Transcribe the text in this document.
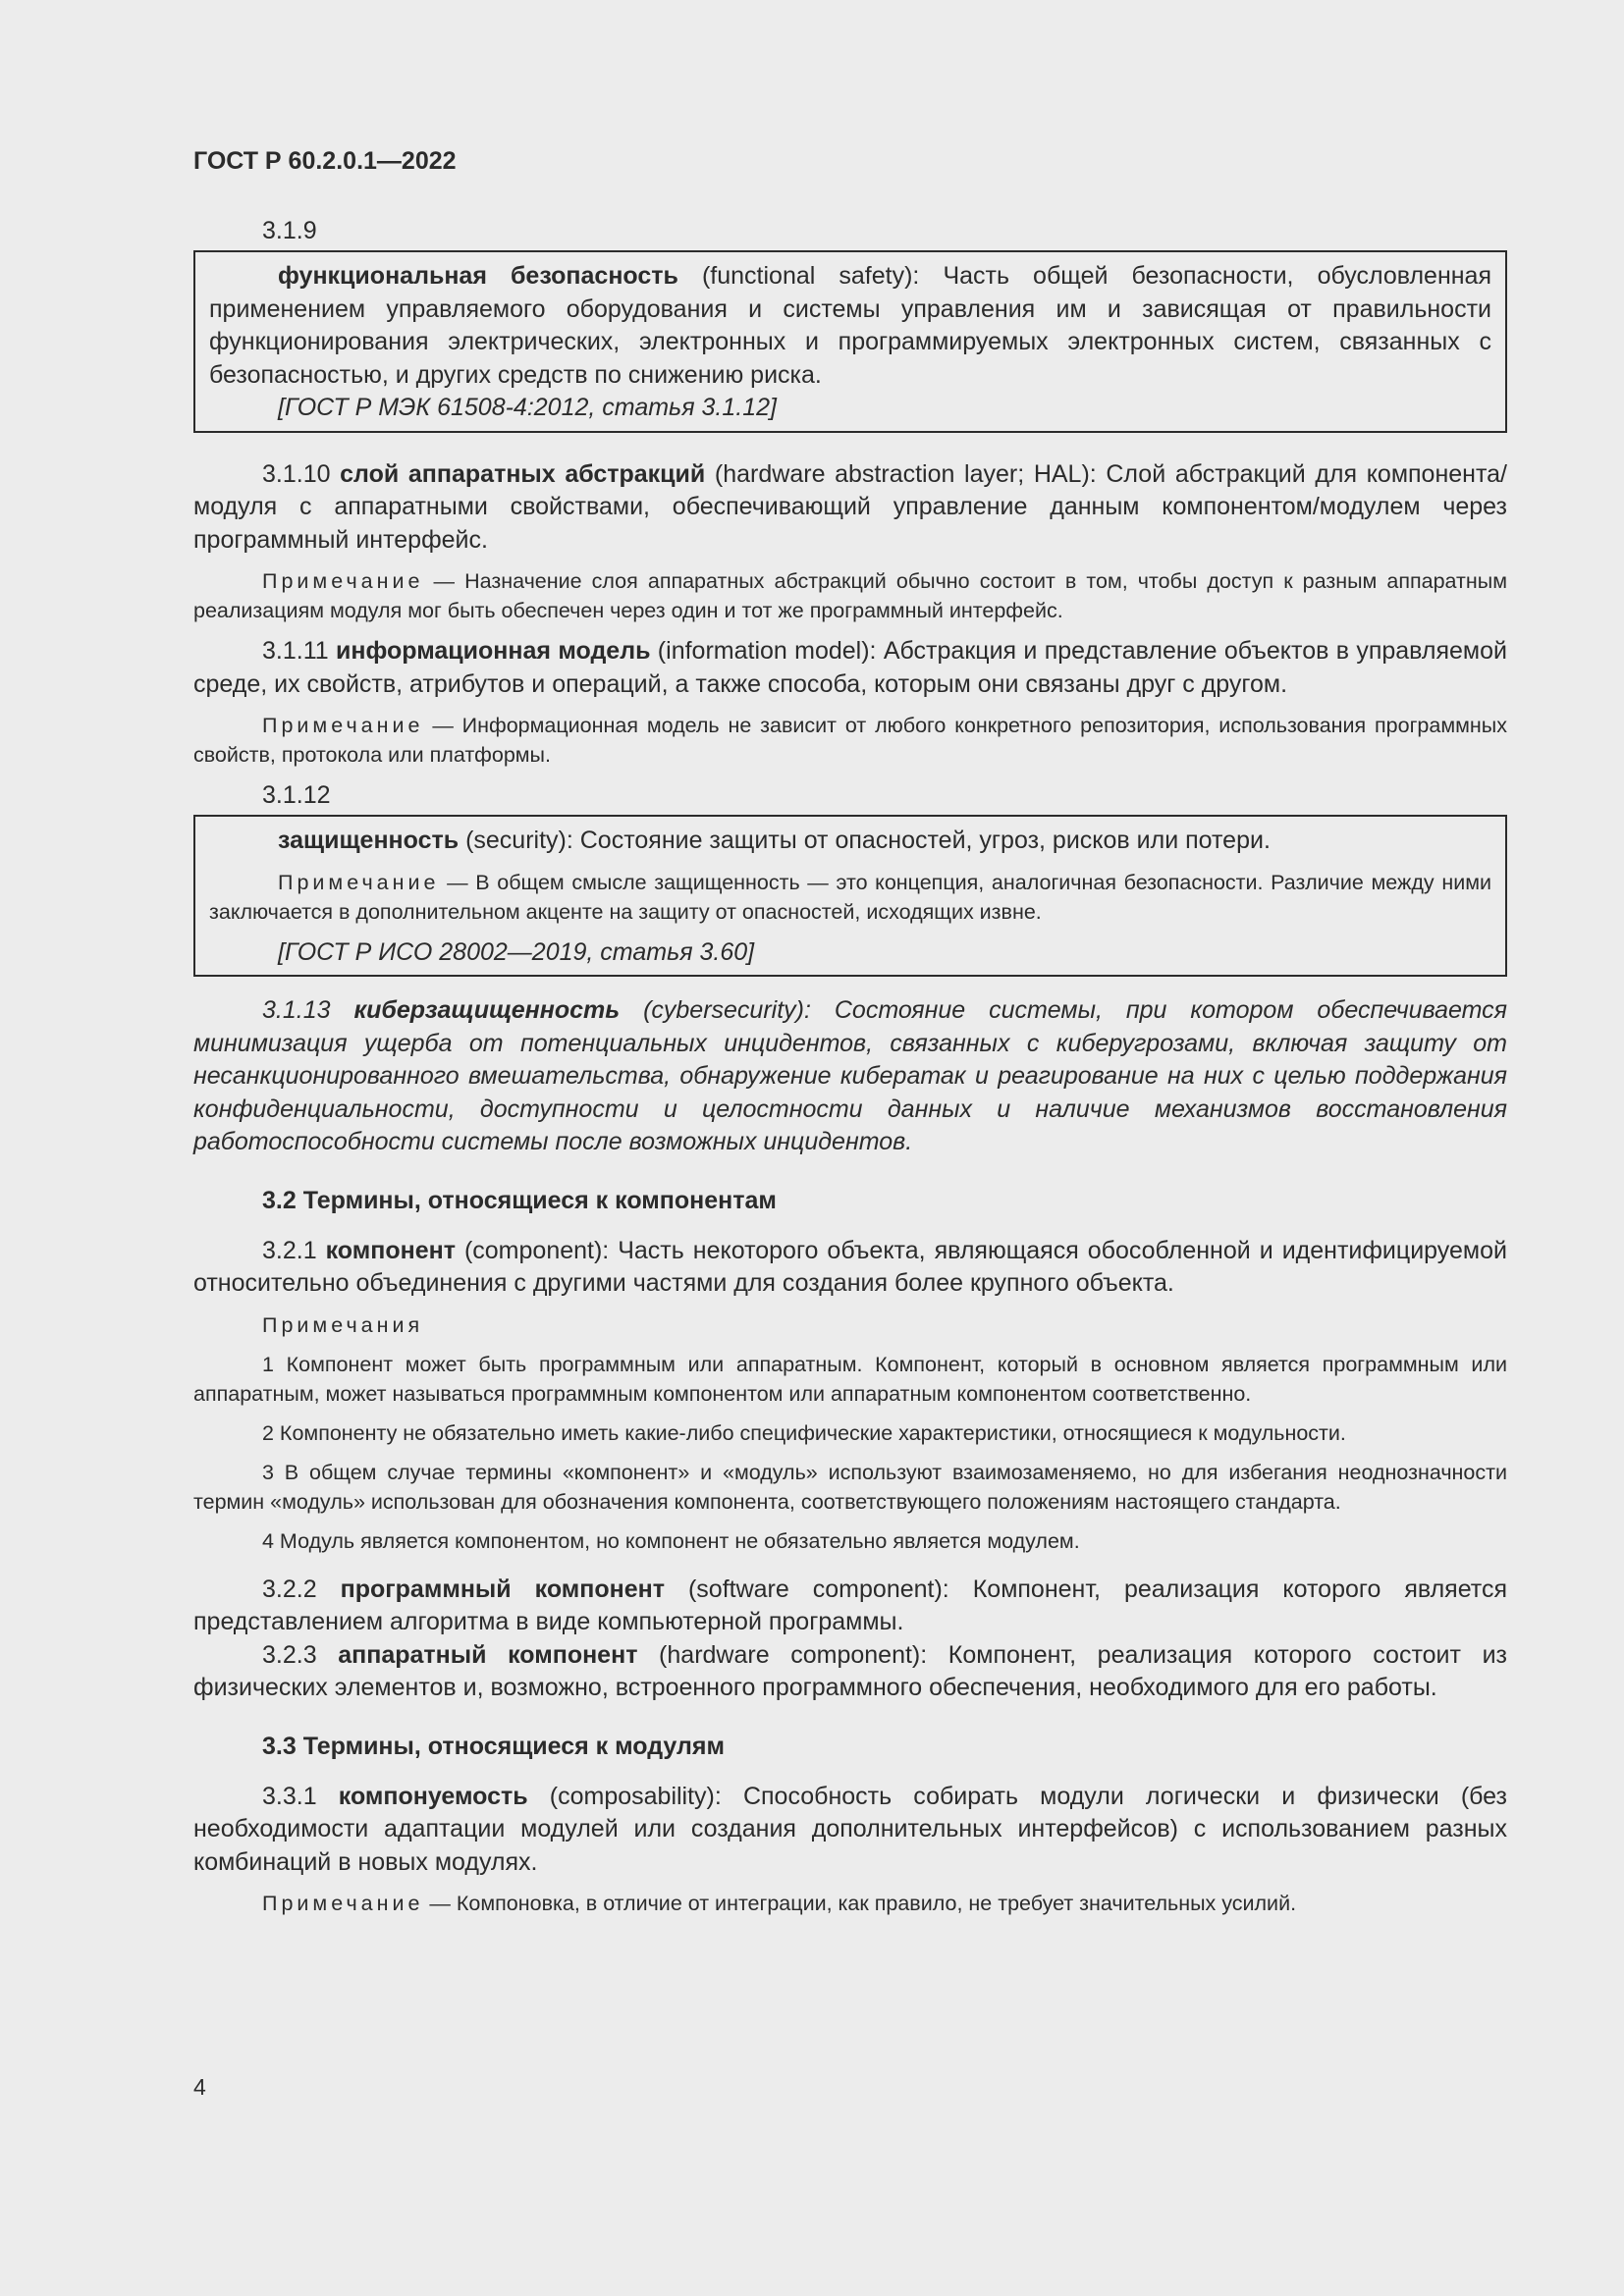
ГОСТ Р 60.2.0.1—2022

3.1.9

функциональная безопасность (functional safety): Часть общей безопасности, обусловленная применением управляемого оборудования и системы управления им и зависящая от правильности функционирования электрических, электронных и программируемых электронных систем, связанных с безопасностью, и других средств по снижению риска.

[ГОСТ Р МЭК 61508-4:2012, статья 3.1.12]

3.1.10 слой аппаратных абстракций (hardware abstraction layer; HAL): Слой абстракций для компонента/модуля с аппаратными свойствами, обеспечивающий управление данным компонентом/модулем через программный интерфейс.

Примечание — Назначение слоя аппаратных абстракций обычно состоит в том, чтобы доступ к разным аппаратным реализациям модуля мог быть обеспечен через один и тот же программный интерфейс.

3.1.11 информационная модель (information model): Абстракция и представление объектов в управляемой среде, их свойств, атрибутов и операций, а также способа, которым они связаны друг с другом.

Примечание — Информационная модель не зависит от любого конкретного репозитория, использования программных свойств, протокола или платформы.

3.1.12

защищенность (security): Состояние защиты от опасностей, угроз, рисков или потери.

Примечание — В общем смысле защищенность — это концепция, аналогичная безопасности. Различие между ними заключается в дополнительном акценте на защиту от опасностей, исходящих извне.

[ГОСТ Р ИСО 28002—2019, статья 3.60]

3.1.13 киберзащищенность (cybersecurity): Состояние системы, при котором обеспечивается минимизация ущерба от потенциальных инцидентов, связанных с киберугрозами, включая защиту от несанкционированного вмешательства, обнаружение кибератак и реагирование на них с целью поддержания конфиденциальности, доступности и целостности данных и наличие механизмов восстановления работоспособности системы после возможных инцидентов.

3.2 Термины, относящиеся к компонентам

3.2.1 компонент (component): Часть некоторого объекта, являющаяся обособленной и идентифицируемой относительно объединения с другими частями для создания более крупного объекта.

Примечания

1 Компонент может быть программным или аппаратным. Компонент, который в основном является программным или аппаратным, может называться программным компонентом или аппаратным компонентом соответственно.

2 Компоненту не обязательно иметь какие-либо специфические характеристики, относящиеся к модульности.

3 В общем случае термины «компонент» и «модуль» используют взаимозаменяемо, но для избегания неоднозначности термин «модуль» использован для обозначения компонента, соответствующего положениям настоящего стандарта.

4 Модуль является компонентом, но компонент не обязательно является модулем.

3.2.2 программный компонент (software component): Компонент, реализация которого является представлением алгоритма в виде компьютерной программы.

3.2.3 аппаратный компонент (hardware component): Компонент, реализация которого состоит из физических элементов и, возможно, встроенного программного обеспечения, необходимого для его работы.

3.3 Термины, относящиеся к модулям

3.3.1 компонуемость (composability): Способность собирать модули логически и физически (без необходимости адаптации модулей или создания дополнительных интерфейсов) с использованием разных комбинаций в новых модулях.

Примечание — Компоновка, в отличие от интеграции, как правило, не требует значительных усилий.

4
